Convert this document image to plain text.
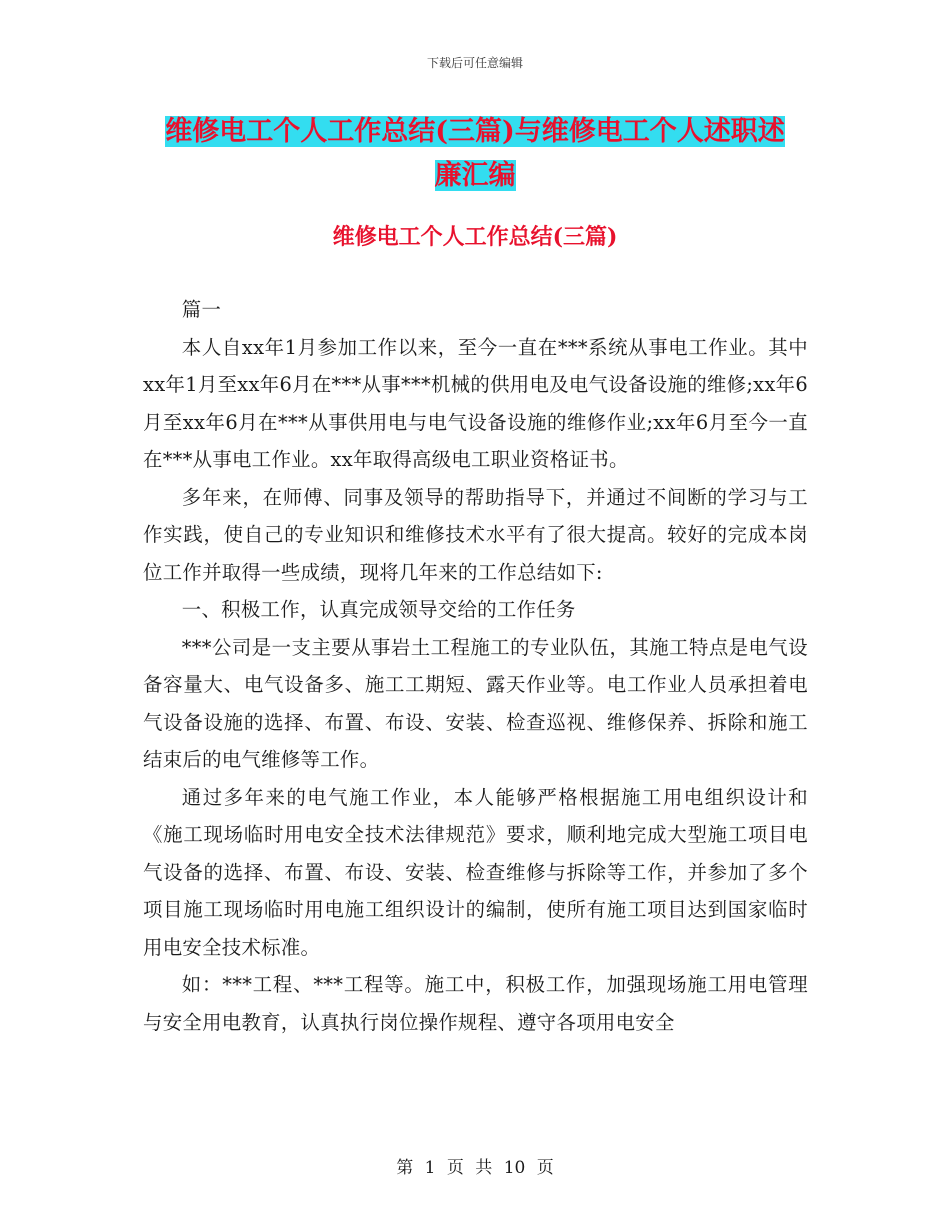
下载后可任意编辑
维修电工个人工作总结(三篇)与维修电工个人述职述
廉汇编
维修电工个人工作总结(三篇)

篇一

本人自xx年1月参加工作以来，至今一直在***系统从事电工作业。其中xx年1月至xx年6月在***从事***机械的供用电及电气设备设施的维修;xx年6月至xx年6月在***从事供用电与电气设备设施的维修作业;xx年6月至今一直在***从事电工作业。xx年取得高级电工职业资格证书。

多年来，在师傅、同事及领导的帮助指导下，并通过不间断的学习与工作实践，使自己的专业知识和维修技术水平有了很大提高。较好的完成本岗位工作并取得一些成绩，现将几年来的工作总结如下:

一、积极工作，认真完成领导交给的工作任务

***公司是一支主要从事岩土工程施工的专业队伍，其施工特点是电气设备容量大、电气设备多、施工工期短、露天作业等。电工作业人员承担着电气设备设施的选择、布置、布设、安装、检查巡视、维修保养、拆除和施工结束后的电气维修等工作。

通过多年来的电气施工作业，本人能够严格根据施工用电组织设计和《施工现场临时用电安全技术法律规范》要求，顺利地完成大型施工项目电气设备的选择、布置、布设、安装、检查维修与拆除等工作，并参加了多个项目施工现场临时用电施工组织设计的编制，使所有施工项目达到国家临时用电安全技术标准。

如：***工程、***工程等。施工中，积极工作，加强现场施工用电管理与安全用电教育，认真执行岗位操作规程、遵守各项用电安全

第 1 页 共 10 页
